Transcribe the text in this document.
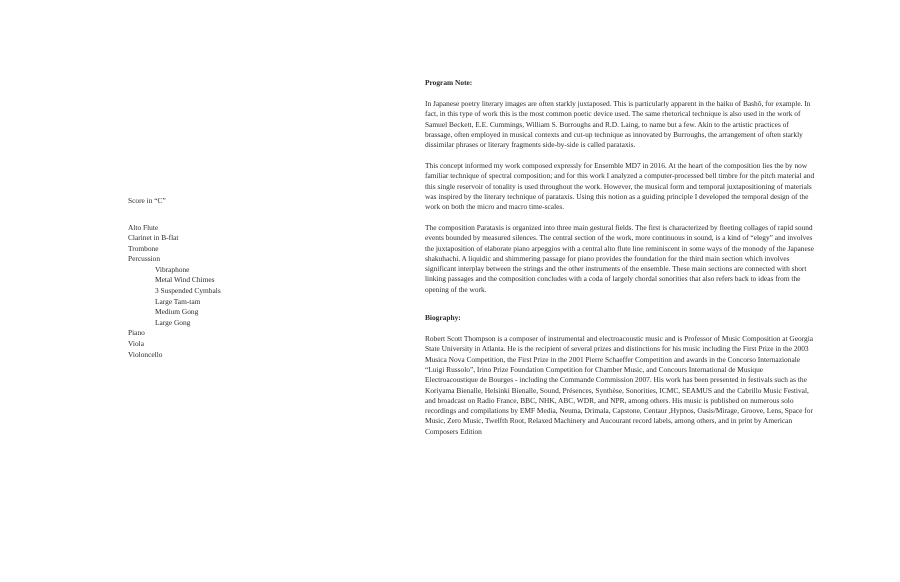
Score in “C”

Alto Flute
Clarinet in B-flat
Trombone
Percussion
Vibraphone
Metal Wind Chimes
3 Suspended Cymbals
Large Tam-tam
Medium Gong
Large Gong
Piano
Viola
Violoncello

Program Note:

In Japanese poetry literary images are often starkly juxtaposed. This is particularly apparent in the haiku of Bashō, for example. In fact, in this type of work this is the most common poetic device used. The same rhetorical technique is also used in the work of Samuel Beckett, E.E. Cummings, William S. Burroughs and R.D. Laing, to name but a few. Akin to the artistic practices of brassage, often employed in musical contexts and cut-up technique as innovated by Burroughs, the arrangement of often starkly dissimilar phrases or literary fragments side-by-side is called parataxis.

This concept informed my work composed expressly for Ensemble MD7 in 2016. At the heart of the composition lies the by now familiar technique of spectral composition; and for this work I analyzed a computer-processed bell timbre for the pitch material and this single reservoir of tonality is used throughout the work. However, the musical form and temporal juxtapositioning of materials was inspired by the literary technique of parataxis. Using this notion as a guiding principle I developed the temporal design of the work on both the micro and macro time-scales.

The composition Parataxis is organized into three main gestural fields. The first is characterized by fleeting collages of rapid sound events bounded by measured silences. The central section of the work, more continuous in sound, is a kind of “elegy” and involves the juxtaposition of elaborate piano arpeggios with a central alto flute line reminiscent in some ways of the monody of the Japanese shakuhachi. A liquidic and shimmering passage for piano provides the foundation for the third main section which involves significant interplay between the strings and the other instruments of the ensemble. These main sections are connected with short linking passages and the composition concludes with a coda of largely chordal sonorities that also refers back to ideas from the opening of the work.

Biography:

Robert Scott Thompson is a composer of instrumental and electroacoustic music and is Professor of Music Composition at Georgia State University in Atlanta. He is the recipient of several prizes and distinctions for his music including the First Prize in the 2003 Musica Nova Competition, the First Prize in the 2001 Pierre Schaeffer Competition and awards in the Concorso Internazionale “Luigi Russolo”, Irino Prize Foundation Competition for Chamber Music, and Concours International de Musique Electroacoustique de Bourges - including the Commande Commission 2007. His work has been presented in festivals such as the Koriyama Bienalle, Helsinki Bienalle, Sound, Présences, Synthèse, Sonorities, ICMC, SEAMUS and the Cabrillo Music Festival, and broadcast on Radio France, BBC, NHK, ABC, WDR, and NPR, among others. His music is published on numerous solo recordings and compilations by EMF Media, Neuma, Drimala, Capstone, Centaur ,Hypnos, Oasis/Mirage, Groove, Lens, Space for Music, Zero Music, Twelfth Root, Relaxed Machinery and Aucourant record labels, among others, and in print by American Composers Edition
